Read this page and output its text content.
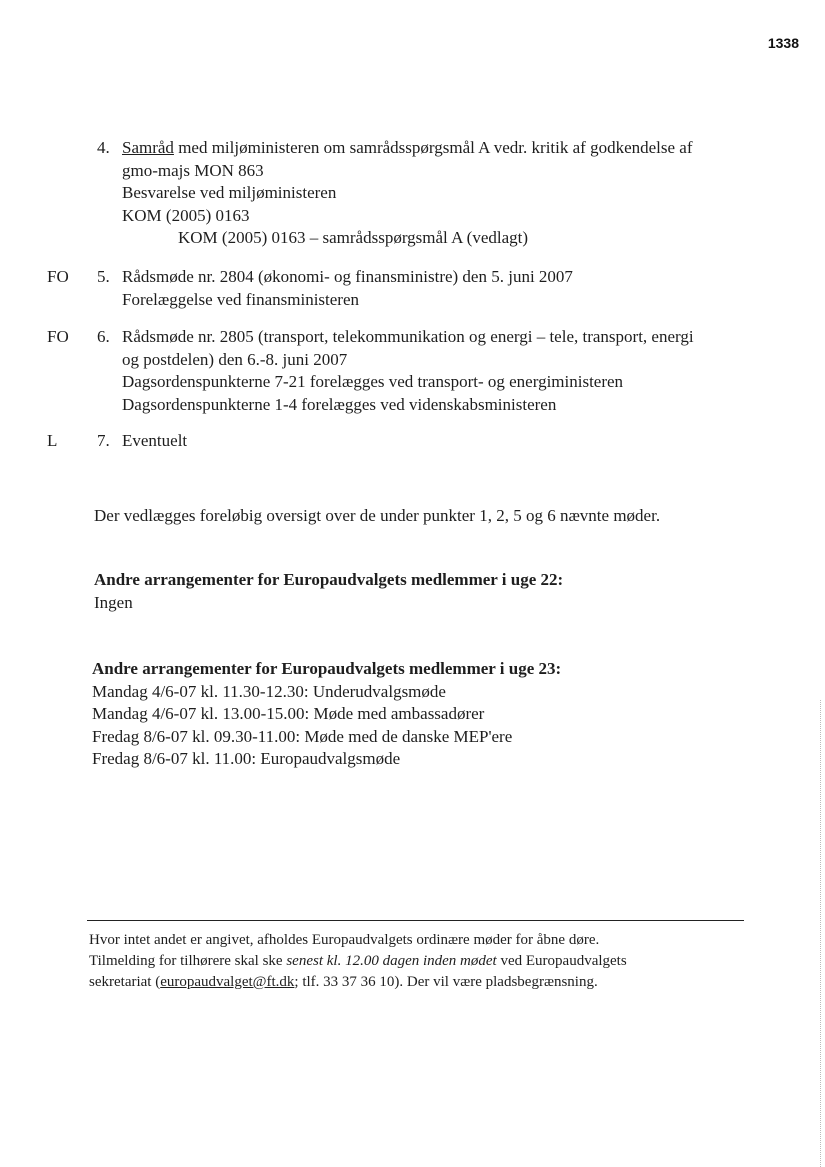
1338
4. Samråd med miljøministeren om samrådsspørgsmål A vedr. kritik af godkendelse af
gmo-majs MON 863
Besvarelse ved miljøministeren
KOM (2005) 0163
KOM (2005) 0163 – samrådsspørgsmål A (vedlagt)
FO 5. Rådsmøde nr. 2804 (økonomi- og finansministre) den 5. juni 2007
Forelæggelse ved finansministeren
FO 6. Rådsmøde nr. 2805 (transport, telekommunikation og energi – tele, transport, energi
og postdelen) den 6.-8. juni 2007
Dagsordenspunkterne 7-21 forelægges ved transport- og energiministeren
Dagsordenspunkterne 1-4 forelægges ved videnskabsministeren
L 7. Eventuelt
Der vedlægges foreløbig oversigt over de under punkter 1, 2, 5 og 6 nævnte møder.
Andre arrangementer for Europaudvalgets medlemmer i uge 22:
Ingen
Andre arrangementer for Europaudvalgets medlemmer i uge 23:
Mandag 4/6-07 kl. 11.30-12.30: Underudvalgsmøde
Mandag 4/6-07 kl. 13.00-15.00: Møde med ambassadører
Fredag 8/6-07 kl. 09.30-11.00: Møde med de danske MEP'ere
Fredag 8/6-07 kl. 11.00: Europaudvalgsmøde
Hvor intet andet er angivet, afholdes Europaudvalgets ordinære møder for åbne døre.
Tilmelding for tilhørere skal ske senest kl. 12.00 dagen inden mødet ved Europaudvalgets
sekretariat (europaudvalget@ft.dk; tlf. 33 37 36 10). Der vil være pladsbegrænsning.
